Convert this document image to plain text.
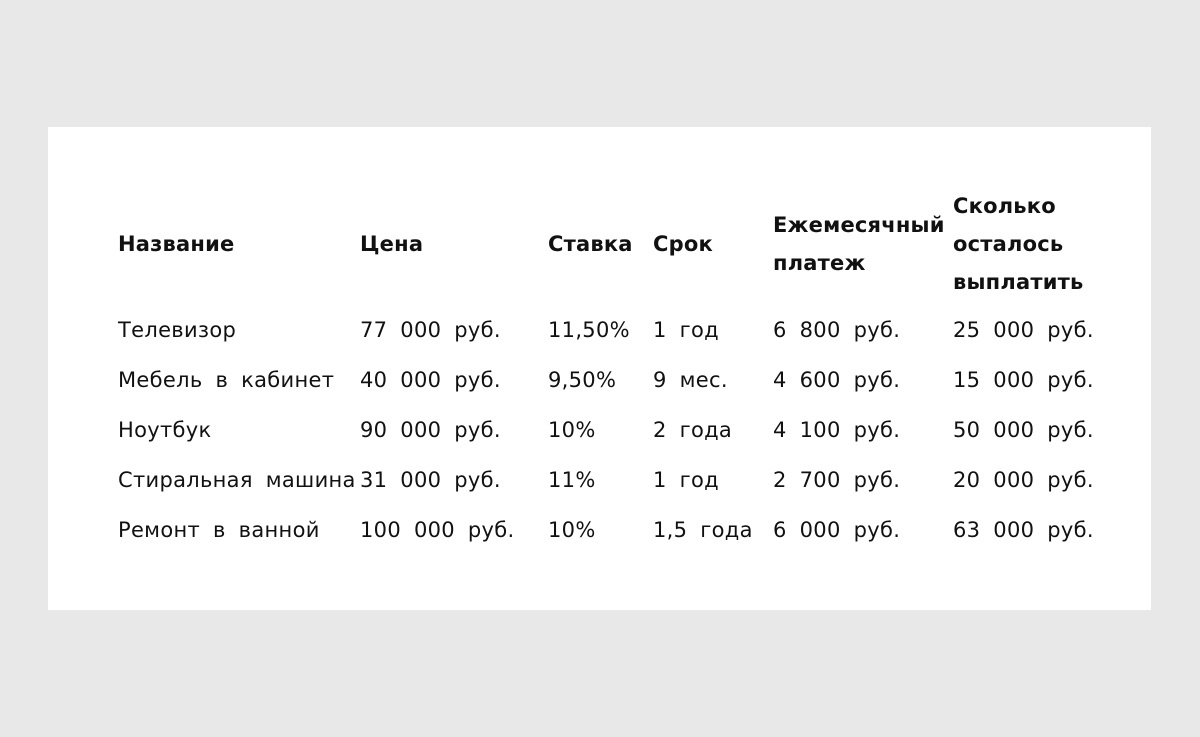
Название	Цена	Ставка	Срок	Ежемесячный платеж	Сколько осталось выплатить
Телевизор	77 000 руб.	11,50%	1 год	6 800 руб.	25 000 руб.
Мебель в кабинет	40 000 руб.	9,50%	9 мес.	4 600 руб.	15 000 руб.
Ноутбук	90 000 руб.	10%	2 года	4 100 руб.	50 000 руб.
Стиральная машина	31 000 руб.	11%	1 год	2 700 руб.	20 000 руб.
Ремонт в ванной	100 000 руб.	10%	1,5 года	6 000 руб.	63 000 руб.
